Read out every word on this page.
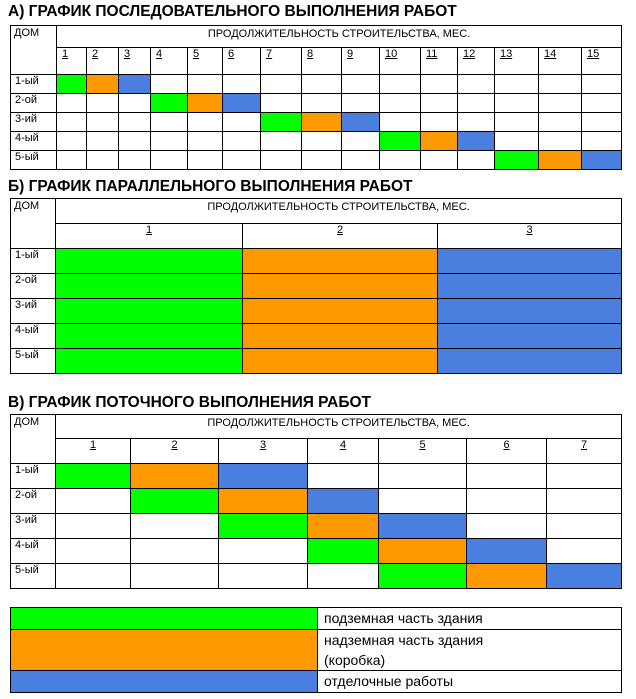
А) ГРАФИК ПОСЛЕДОВАТЕЛЬНОГО ВЫПОЛНЕНИЯ РАБОТ
ДОМ	ПРОДОЛЖИТЕЛЬНОСТЬ СТРОИТЕЛЬСТВА, МЕС.														
	1	2	3	4	5	6	7	8	9	10	11	12	13	14	15
1-ый															
2-ой															
3-ий															
4-ый															
5-ый															
Б) ГРАФИК ПАРАЛЛЕЛЬНОГО ВЫПОЛНЕНИЯ РАБОТ
ДОМ	ПРОДОЛЖИТЕЛЬНОСТЬ СТРОИТЕЛЬСТВА, МЕС.		
	1	2	3
1-ый			
2-ой			
3-ий			
4-ый			
5-ый			
В) ГРАФИК ПОТОЧНОГО ВЫПОЛНЕНИЯ РАБОТ
ДОМ	ПРОДОЛЖИТЕЛЬНОСТЬ СТРОИТЕЛЬСТВА, МЕС.						
	1	2	3	4	5	6	7
1-ый							
2-ой							
3-ий							
4-ый							
5-ый							
	подземная часть здания

	надземная часть здания
(коробка)

	отделочные работы
